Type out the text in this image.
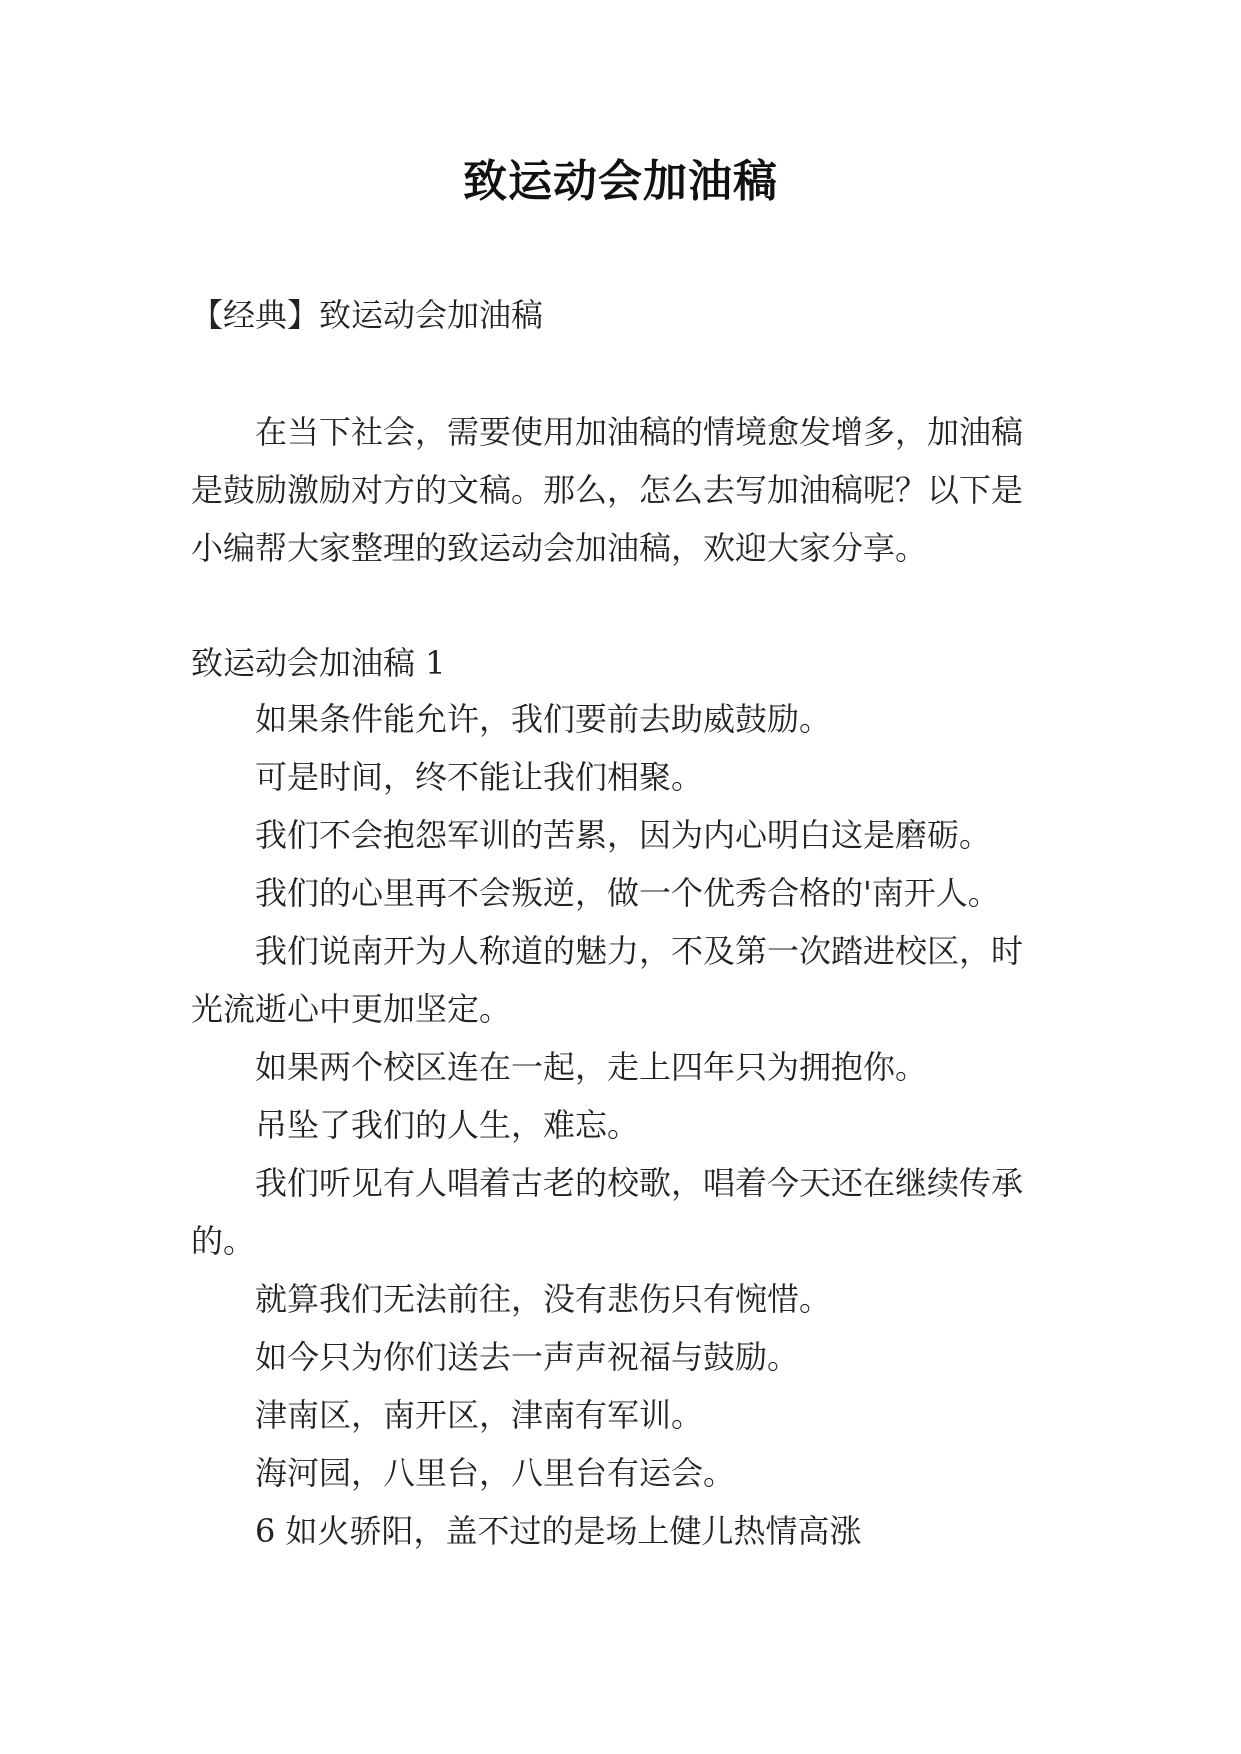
致运动会加油稿
【经典】致运动会加油稿

在当下社会，需要使用加油稿的情境愈发增多，加油稿是鼓励激励对方的文稿。那么，怎么去写加油稿呢？以下是小编帮大家整理的致运动会加油稿，欢迎大家分享。

致运动会加油稿 1
如果条件能允许，我们要前去助威鼓励。
可是时间，终不能让我们相聚。
我们不会抱怨军训的苦累，因为内心明白这是磨砺。
我们的心里再不会叛逆，做一个优秀合格的'南开人。
我们说南开为人称道的魅力，不及第一次踏进校区，时光流逝心中更加坚定。
如果两个校区连在一起，走上四年只为拥抱你。
吊坠了我们的人生，难忘。
我们听见有人唱着古老的校歌，唱着今天还在继续传承的。
就算我们无法前往，没有悲伤只有惋惜。
如今只为你们送去一声声祝福与鼓励。
津南区，南开区，津南有军训。
海河园，八里台，八里台有运会。
6 如火骄阳，盖不过的是场上健儿热情高涨
